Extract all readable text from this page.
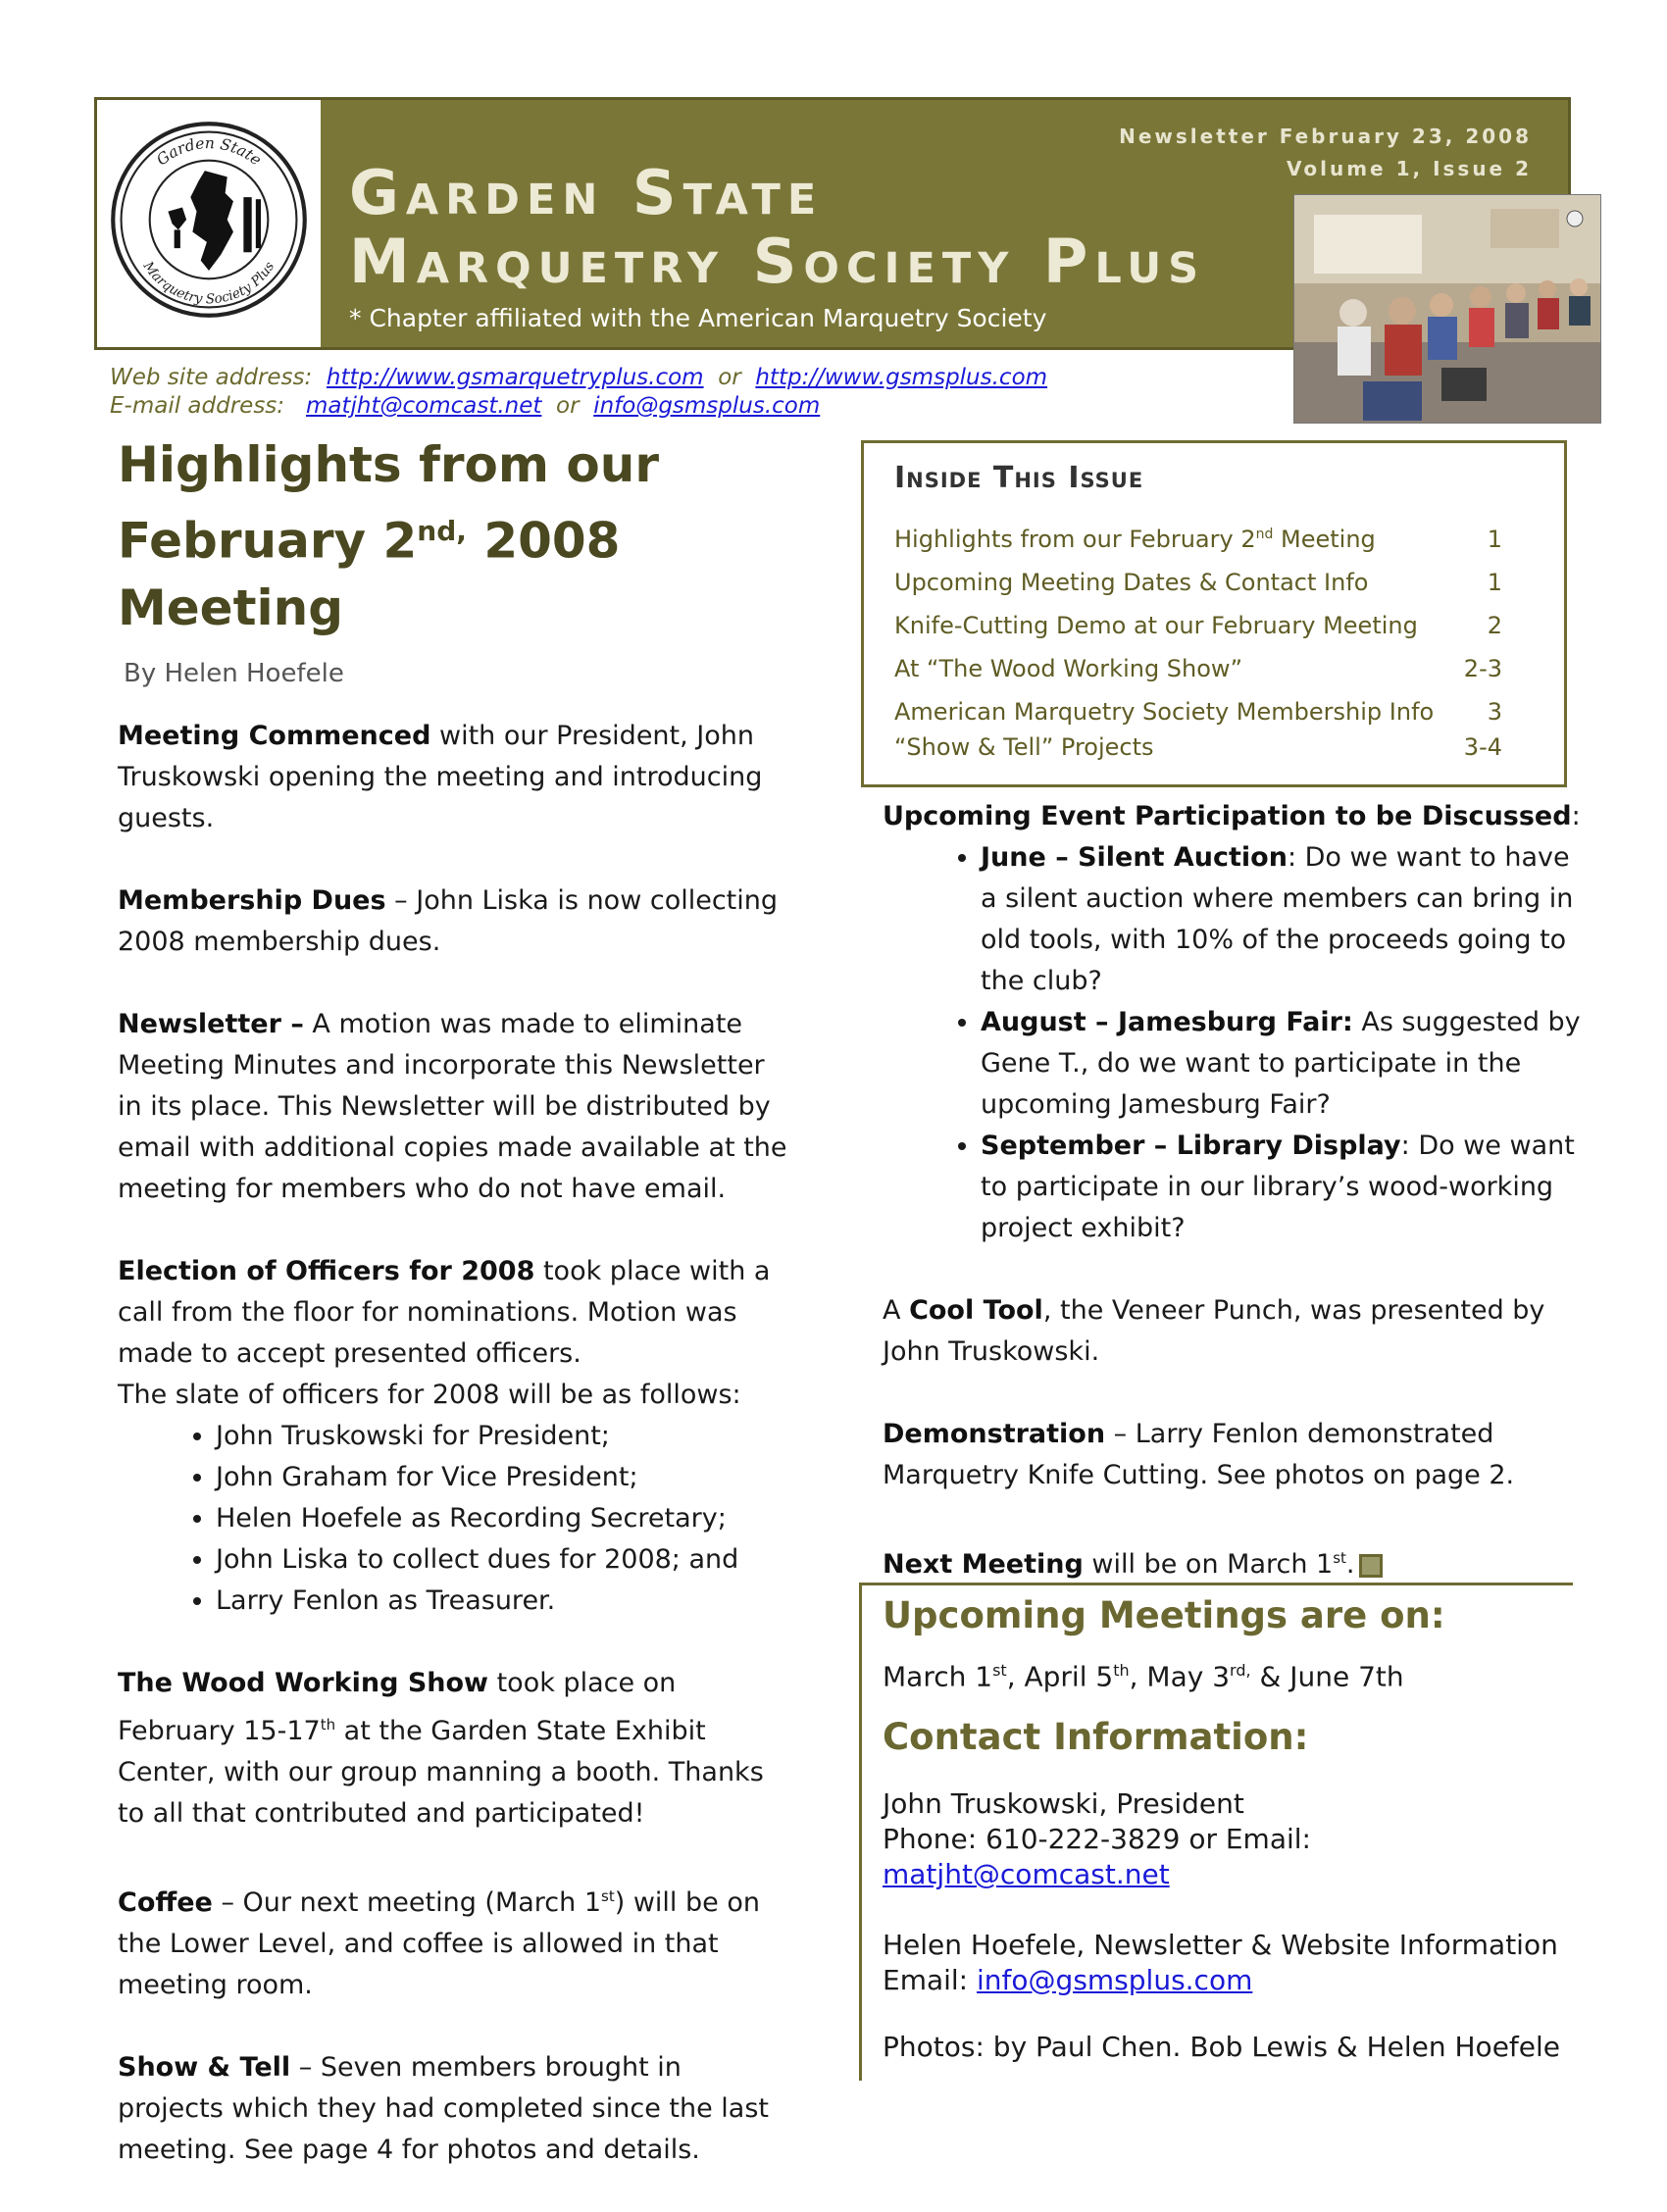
Garden State
Marquetry Society Plus
Newsletter February 23, 2008
Volume 1, Issue 2
Garden State
Marquetry Society Plus
* Chapter affiliated with the American Marquetry Society
Web site address: http://www.gsmarquetryplus.com or http://www.gsmsplus.com
E-mail address: matjht@comcast.net or info@gsmsplus.com
Highlights from our
February $2^{nd,}$ 2008 Meeting
By Helen Hoefele

Meeting Commenced with our President, John Truskowski opening the meeting and introducing guests.

Membership Dues – John Liska is now collecting 2008 membership dues.

Newsletter – A motion was made to eliminate Meeting Minutes and incorporate this Newsletter in its place. This Newsletter will be distributed by email with additional copies made available at the meeting for members who do not have email.

Election of Officers for 2008 took place with a call from the floor for nominations. Motion was made to accept presented officers.
The slate of officers for 2008 will be as follows:

• John Truskowski for President;
• John Graham for Vice President;
• Helen Hoefele as Recording Secretary;
• John Liska to collect dues for 2008; and
• Larry Fenlon as Treasurer.

The Wood Working Show took place on February 15-17th at the Garden State Exhibit Center, with our group manning a booth. Thanks to all that contributed and participated!

Coffee – Our next meeting (March 1st) will be on the Lower Level, and coffee is allowed in that meeting room.

Show & Tell – Seven members brought in projects which they had completed since the last meeting. See page 4 for photos and details.

Inside This Issue
Highlights from our February 2nd Meeting	1
Upcoming Meeting Dates & Contact Info	1
Knife-Cutting Demo at our February Meeting	2
At “The Wood Working Show”	2-3
American Marquetry Society Membership Info 3
“Show & Tell” Projects	3-4

Upcoming Event Participation to be Discussed:

• June – Silent Auction: Do we want to have a silent auction where members can bring in old tools, with 10% of the proceeds going to the club?
• August – Jamesburg Fair: As suggested by Gene T., do we want to participate in the upcoming Jamesburg Fair?
• September – Library Display: Do we want to participate in our library’s wood-working project exhibit?

A Cool Tool, the Veneer Punch, was presented by John Truskowski.

Demonstration – Larry Fenlon demonstrated Marquetry Knife Cutting. See photos on page 2.

Next Meeting will be on March 1st.

Upcoming Meetings are on:
March 1st, April 5th, May $3^{rd,}$ & June 7th
Contact Information:
John Truskowski, President
Phone: 610-222-3829 or Email:
matjht@comcast.net
Helen Hoefele, Newsletter & Website Information
Email: info@gsmsplus.com
Photos: by Paul Chen. Bob Lewis & Helen Hoefele
